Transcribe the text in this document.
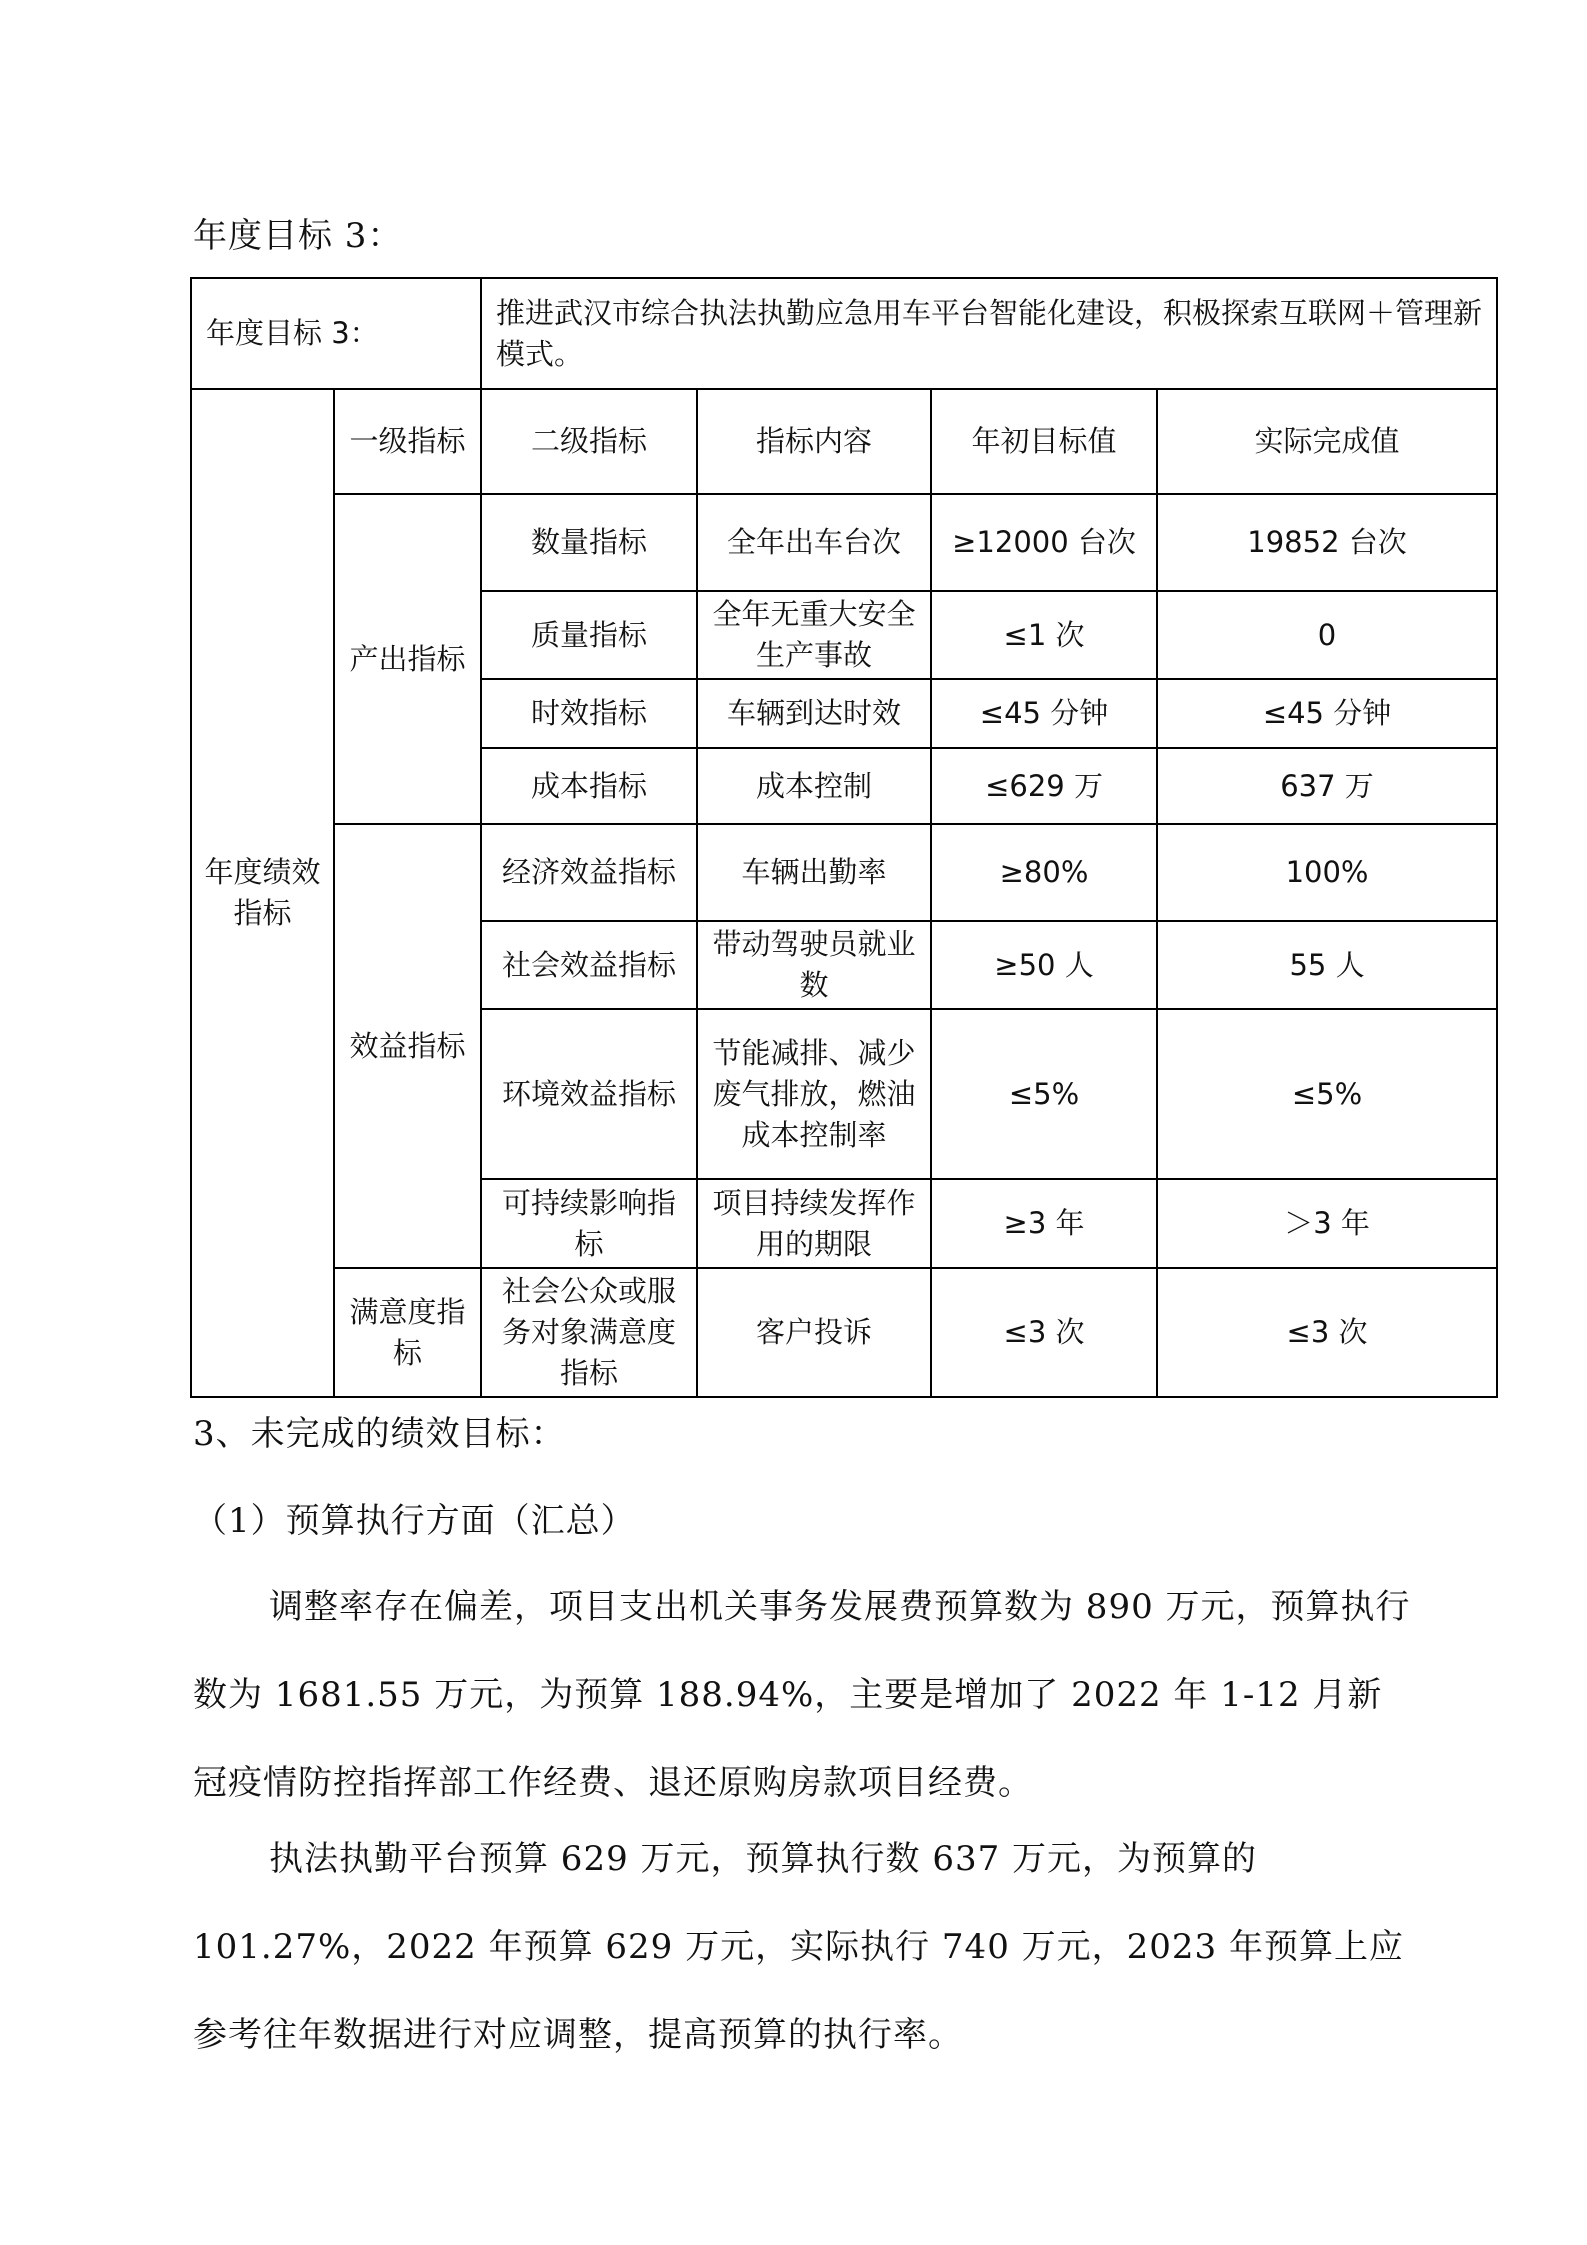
年度目标 3：
年度目标 3：		推进武汉市综合执法执勤应急用车平台智能化建设，积极探索互联网＋管理新模式。			
年度绩效指标	一级指标	二级指标	指标内容	年初目标值	实际完成值
	产出指标	数量指标	全年出车台次	≥12000 台次	19852 台次
		质量指标	全年无重大安全生产事故	≤1 次	0
		时效指标	车辆到达时效	≤45 分钟	≤45 分钟
		成本指标	成本控制	≤629 万	637 万
	效益指标	经济效益指标	车辆出勤率	≥80%	100%
		社会效益指标	带动驾驶员就业数	≥50 人	55 人
		环境效益指标	节能减排、减少废气排放，燃油成本控制率	≤5%	≤5%
		可持续影响指标	项目持续发挥作用的期限	≥3 年	＞3 年
	满意度指标	社会公众或服务对象满意度指标	客户投诉	≤3 次	≤3 次
3、未完成的绩效目标：
（1）预算执行方面（汇总）
调整率存在偏差，项目支出机关事务发展费预算数为 890 万元，预算执行数为 1681.55 万元，为预算 188.94%，主要是增加了 2022 年 1-12 月新冠疫情防控指挥部工作经费、退还原购房款项目经费。
执法执勤平台预算 629 万元，预算执行数 637 万元，为预算的 101.27%，2022 年预算 629 万元，实际执行 740 万元，2023 年预算上应参考往年数据进行对应调整，提高预算的执行率。
